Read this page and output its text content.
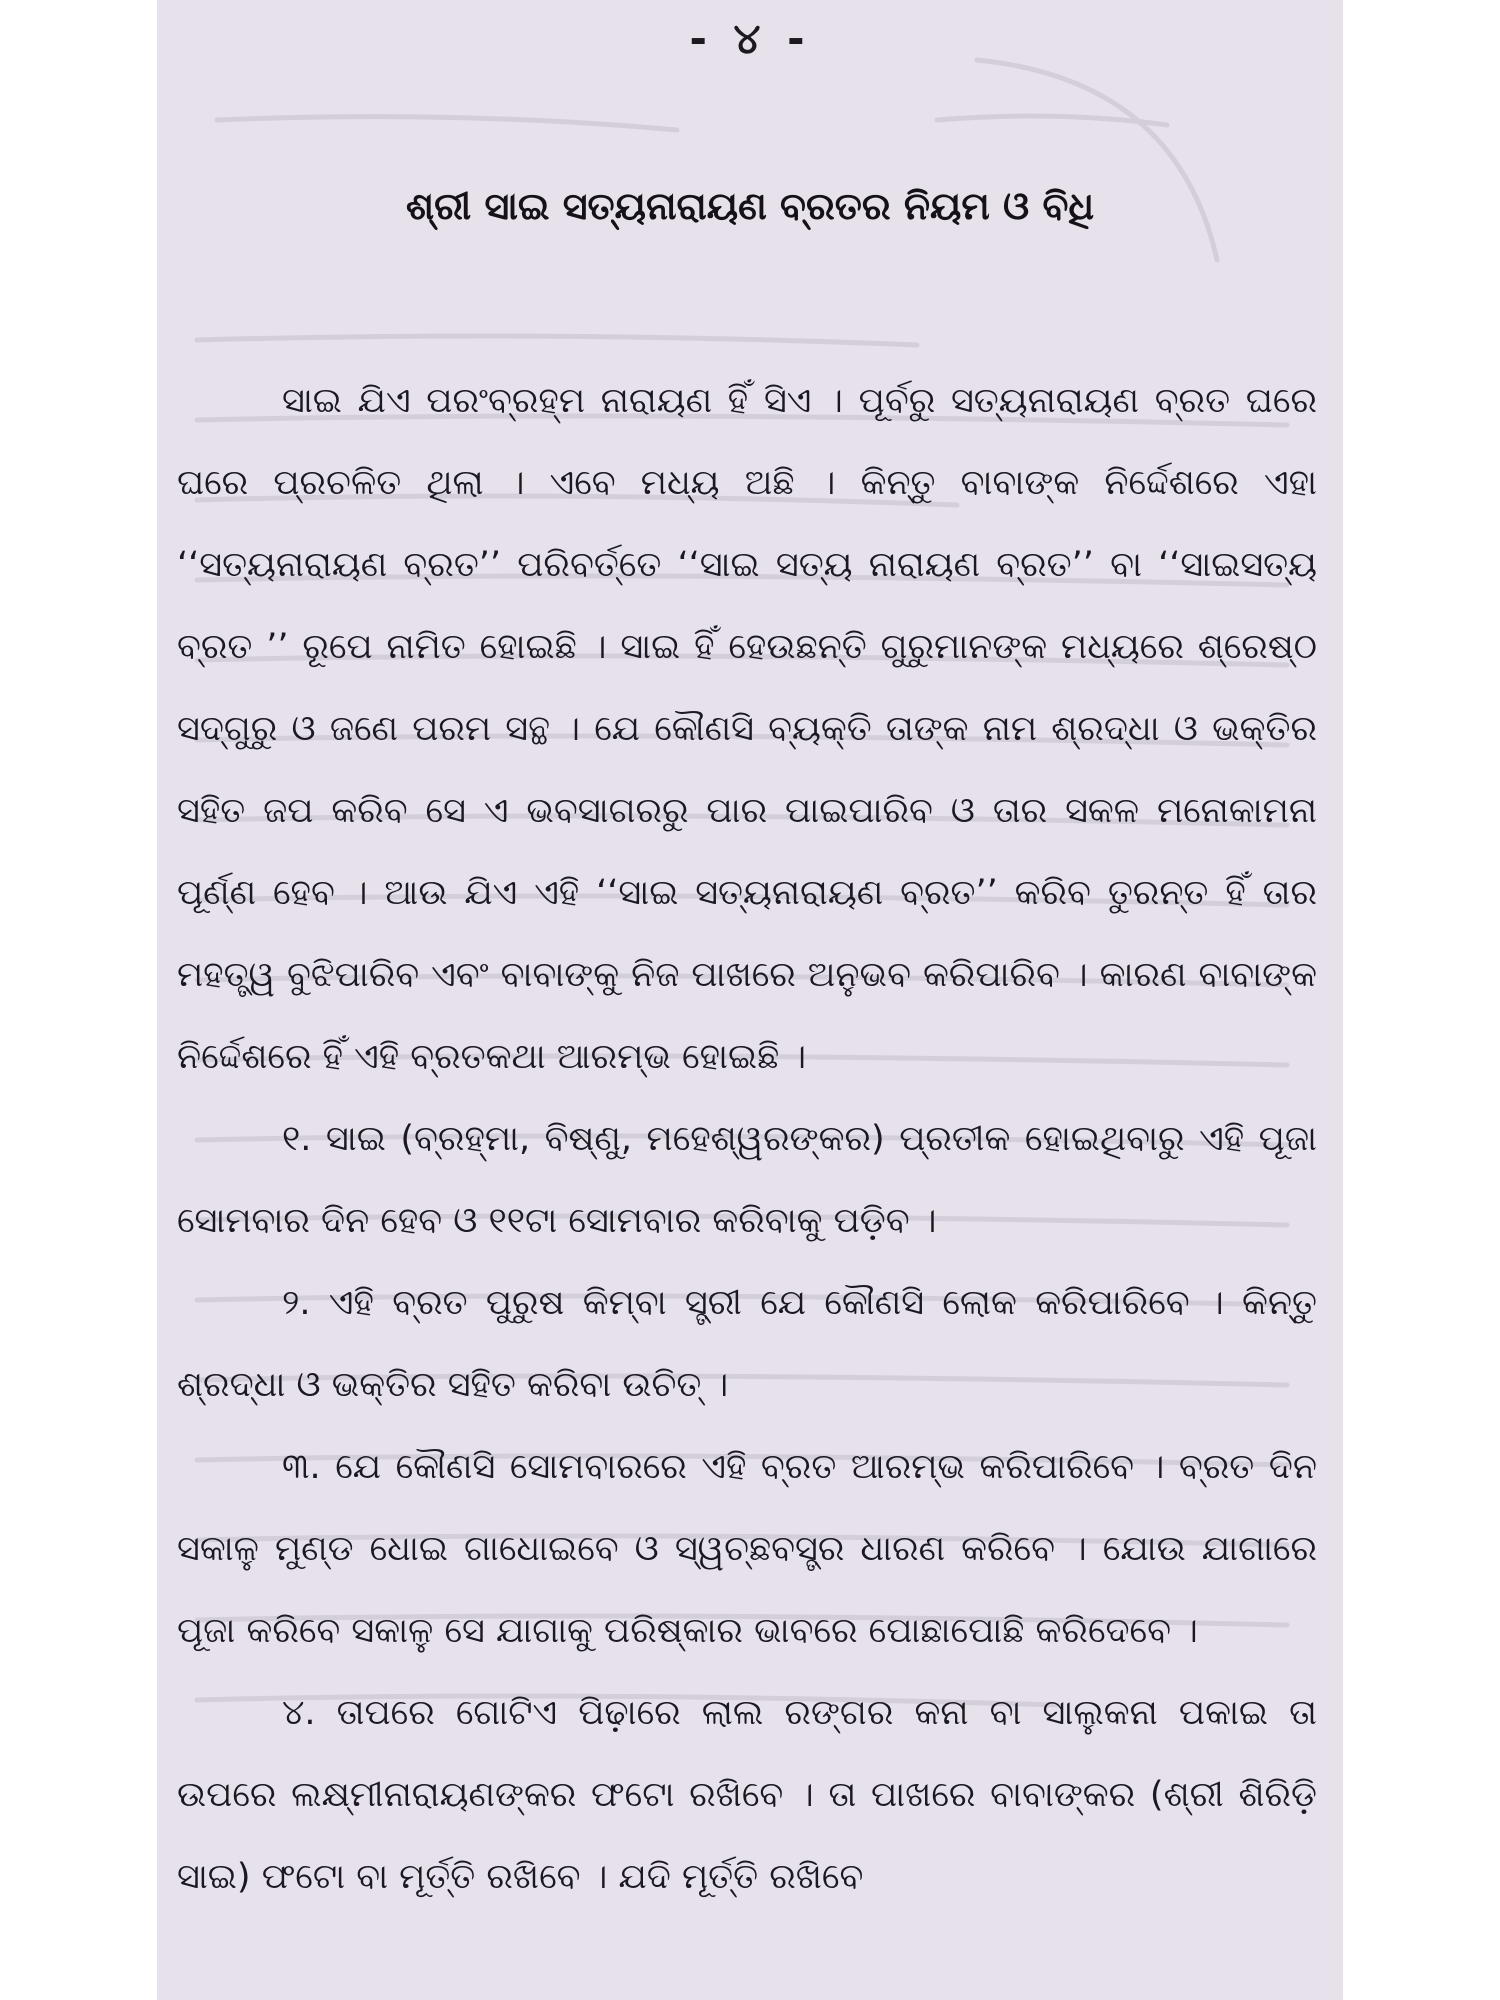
- ୪ -
ଶ୍ରୀ ସାଇ ସତ୍ୟନାରାୟଣ ବ୍ରତର ନିୟମ ଓ ବିଧି

ସାଇ ଯିଏ ପରଂବ୍ରହ୍ମ ନାରାୟଣ ହିଁ ସିଏ । ପୂର୍ବରୁ ସତ୍ୟନାରାୟଣ ବ୍ରତ ଘରେ ଘରେ ପ୍ରଚଳିତ ଥିଲା । ଏବେ ମଧ୍ୟ ଅଛି । କିନ୍ତୁ ବାବାଙ୍କ ନିର୍ଦ୍ଦେଶରେ ଏହା ‘‘ସତ୍ୟନାରାୟଣ ବ୍ରତ’’ ପରିବର୍ତ୍ତେ ‘‘ସାଇ ସତ୍ୟ ନାରାୟଣ ବ୍ରତ’’ ବା ‘‘ସାଇସତ୍ୟ ବ୍ରତ ’’ ରୂପେ ନାମିତ ହୋଇଛି । ସାଇ ହିଁ ହେଉଛନ୍ତି ଗୁରୁମାନଙ୍କ ମଧ୍ୟରେ ଶ୍ରେଷ୍ଠ ସଦ୍‌ଗୁରୁ ଓ ଜଣେ ପରମ ସନ୍ଥ । ଯେ କୌଣସି ବ୍ୟକ୍ତି ତାଙ୍କ ନାମ ଶ୍ରଦ୍ଧା ଓ ଭକ୍ତିର ସହିତ ଜପ କରିବ ସେ ଏ ଭବସାଗରରୁ ପାର ପାଇପାରିବ ଓ ତାର ସକଳ ମନୋକାମନା ପୂର୍ଣ୍ଣ ହେବ । ଆଉ ଯିଏ ଏହି ‘‘ସାଇ ସତ୍ୟନାରାୟଣ ବ୍ରତ’’ କରିବ ତୁରନ୍ତ ହିଁ ତାର ମହତ୍ତ୍ୱ ବୁଝିପାରିବ ଏବଂ ବାବାଙ୍କୁ ନିଜ ପାଖରେ ଅନୁଭବ କରିପାରିବ । କାରଣ ବାବାଙ୍କ ନିର୍ଦ୍ଦେଶରେ ହିଁ ଏହି ବ୍ରତକଥା ଆରମ୍ଭ ହୋଇଛି ।

୧. ସାଇ (ବ୍ରହ୍ମା, ବିଷ୍ଣୁ, ମହେଶ୍ୱରଙ୍କର) ପ୍ରତୀକ ହୋଇଥିବାରୁ ଏହି ପୂଜା ସୋମବାର ଦିନ ହେବ ଓ ୧୧ଟା ସୋମବାର କରିବାକୁ ପଡ଼ିବ ।

୨. ଏହି ବ୍ରତ ପୁରୁଷ କିମ୍ବା ସ୍ତ୍ରୀ ଯେ କୌଣସି ଲୋକ କରିପାରିବେ । କିନ୍ତୁ ଶ୍ରଦ୍ଧା ଓ ଭକ୍ତିର ସହିତ କରିବା ଉଚିତ୍ ।

୩. ଯେ କୌଣସି ସୋମବାରରେ ଏହି ବ୍ରତ ଆରମ୍ଭ କରିପାରିବେ । ବ୍ରତ ଦିନ ସକାଳୁ ମୁଣ୍ଡ ଧୋଇ ଗାଧୋଇବେ ଓ ସ୍ୱଚ୍ଛବସ୍ତ୍ର ଧାରଣ କରିବେ । ଯୋଉ ଯାଗାରେ ପୂଜା କରିବେ ସକାଳୁ ସେ ଯାଗାକୁ ପରିଷ୍କାର ଭାବରେ ପୋଛାପୋଛି କରିଦେବେ ।

୪. ତାପରେ ଗୋଟିଏ ପିଢ଼ାରେ ଲାଲ ରଙ୍ଗର କନା ବା ସାଲୁକନା ପକାଇ ତା ଉପରେ ଲକ୍ଷ୍ମୀନାରାୟଣଙ୍କର ଫଟୋ ରଖିବେ । ତା ପାଖରେ ବାବାଙ୍କର (ଶ୍ରୀ ଶିରିଡ଼ି ସାଇ) ଫଟୋ ବା ମୂର୍ତ୍ତି ରଖିବେ । ଯଦି ମୂର୍ତ୍ତି ରଖିବେ
